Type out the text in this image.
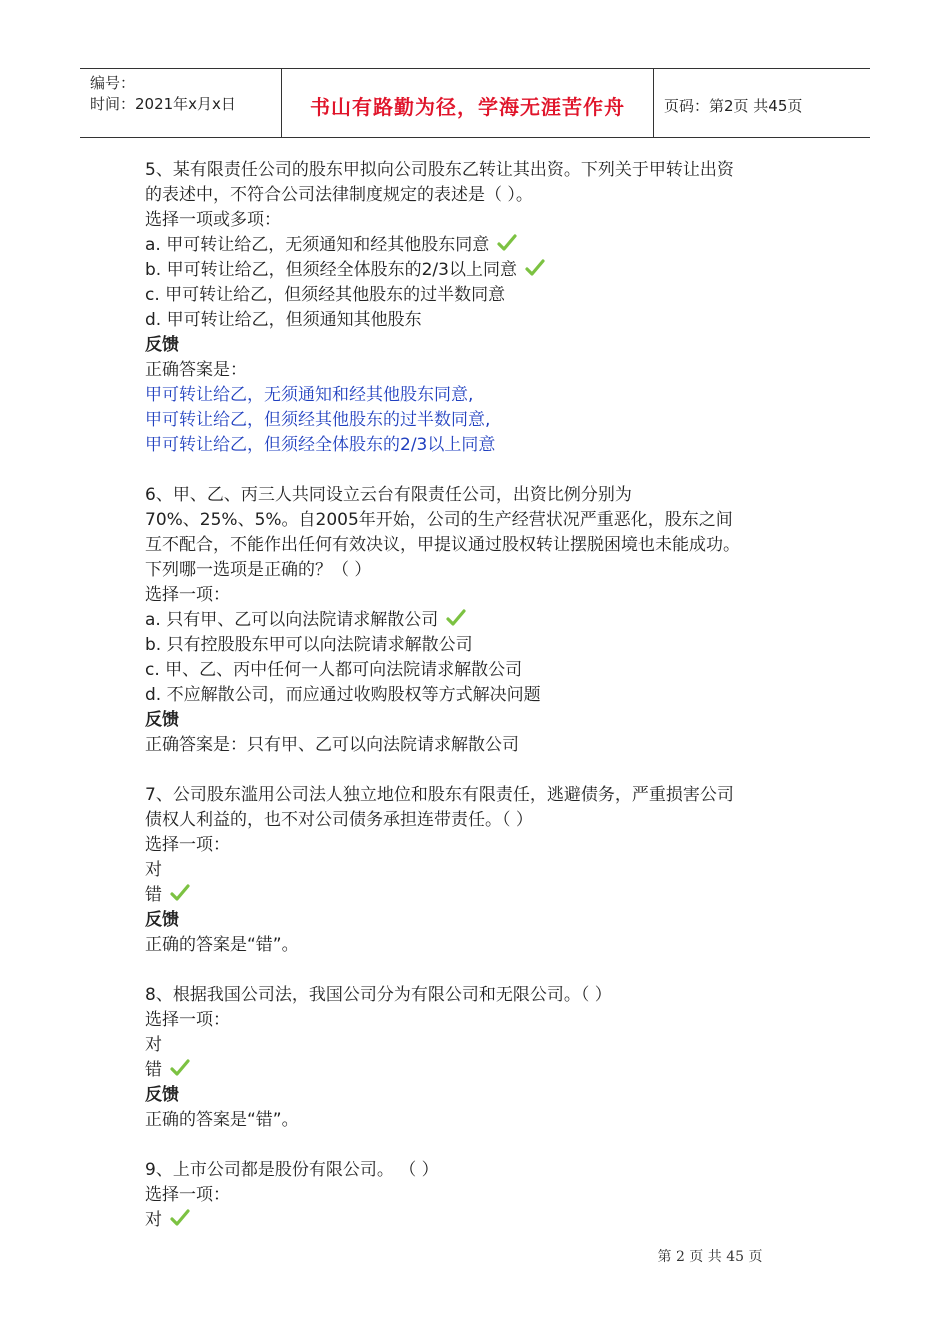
编号：
时间：2021年x月x日	书山有路勤为径，学海无涯苦作舟	页码：第2页 共45页
5、某有限责任公司的股东甲拟向公司股东乙转让其出资。下列关于甲转让出资
的表述中，不符合公司法律制度规定的表述是（ ）。
选择一项或多项：
a. 甲可转让给乙，无须通知和经其他股东同意
b. 甲可转让给乙，但须经全体股东的2/3以上同意
c. 甲可转让给乙，但须经其他股东的过半数同意
d. 甲可转让给乙，但须通知其他股东
反馈
正确答案是：
甲可转让给乙，无须通知和经其他股东同意,
甲可转让给乙，但须经其他股东的过半数同意,
甲可转让给乙，但须经全体股东的2/3以上同意
6、甲、乙、丙三人共同设立云台有限责任公司，出资比例分别为
70%、25%、5%。自2005年开始，公司的生产经营状况严重恶化，股东之间
互不配合，不能作出任何有效决议，甲提议通过股权转让摆脱困境也未能成功。
下列哪一选项是正确的？（ ）
选择一项：
a. 只有甲、乙可以向法院请求解散公司
b. 只有控股股东甲可以向法院请求解散公司
c. 甲、乙、丙中任何一人都可向法院请求解散公司
d. 不应解散公司，而应通过收购股权等方式解决问题
反馈
正确答案是：只有甲、乙可以向法院请求解散公司
7、公司股东滥用公司法人独立地位和股东有限责任，逃避债务，严重损害公司
债权人利益的，也不对公司债务承担连带责任。（ ）
选择一项：
对
错
反馈
正确的答案是“错”。
8、根据我国公司法，我国公司分为有限公司和无限公司。（ ）
选择一项：
对
错
反馈
正确的答案是“错”。
9、上市公司都是股份有限公司。 （ ）
选择一项：
对
第 2 页 共 45 页
